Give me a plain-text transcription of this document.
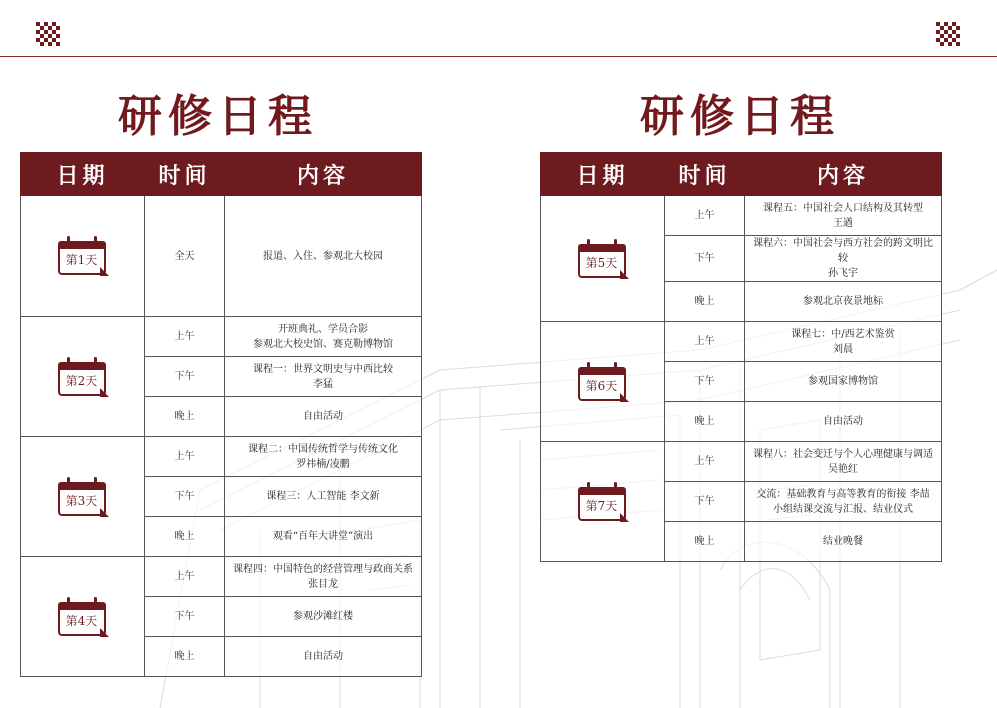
研修日程	研修日程
日期	时间	内容

第1天	全天	报道、入住、参观北大校园

第2天	上午	开班典礼、学员合影
参观北大校史馆、赛克勒博物馆

	下午	课程一：世界文明史与中西比较
李猛

	晚上	自由活动

第3天	上午	课程二：中国传统哲学与传统文化
罗祎楠/凌鹏

	下午	课程三：人工智能 李文新

	晚上	观看“百年大讲堂”演出

第4天	上午	课程四：中国特色的经营管理与政商关系
张目龙

	下午	参观沙滩红楼

	晚上	自由活动
日期	时间	内容

第5天	上午	课程五：中国社会人口结构及其转型
王遒

	下午	课程六：中国社会与西方社会的跨文明比较
孙飞宇

	晚上	参观北京夜景地标

第6天	上午	课程七：中/西艺术鉴赏
刘晨

	下午	参观国家博物馆

	晚上	自由活动

第7天	上午	课程八：社会变迁与个人心理健康与调适
吴艳红

	下午	交流：基础教育与高等教育的衔接 李喆
小组结课交流与汇报、结业仪式

	晚上	结业晚餐
